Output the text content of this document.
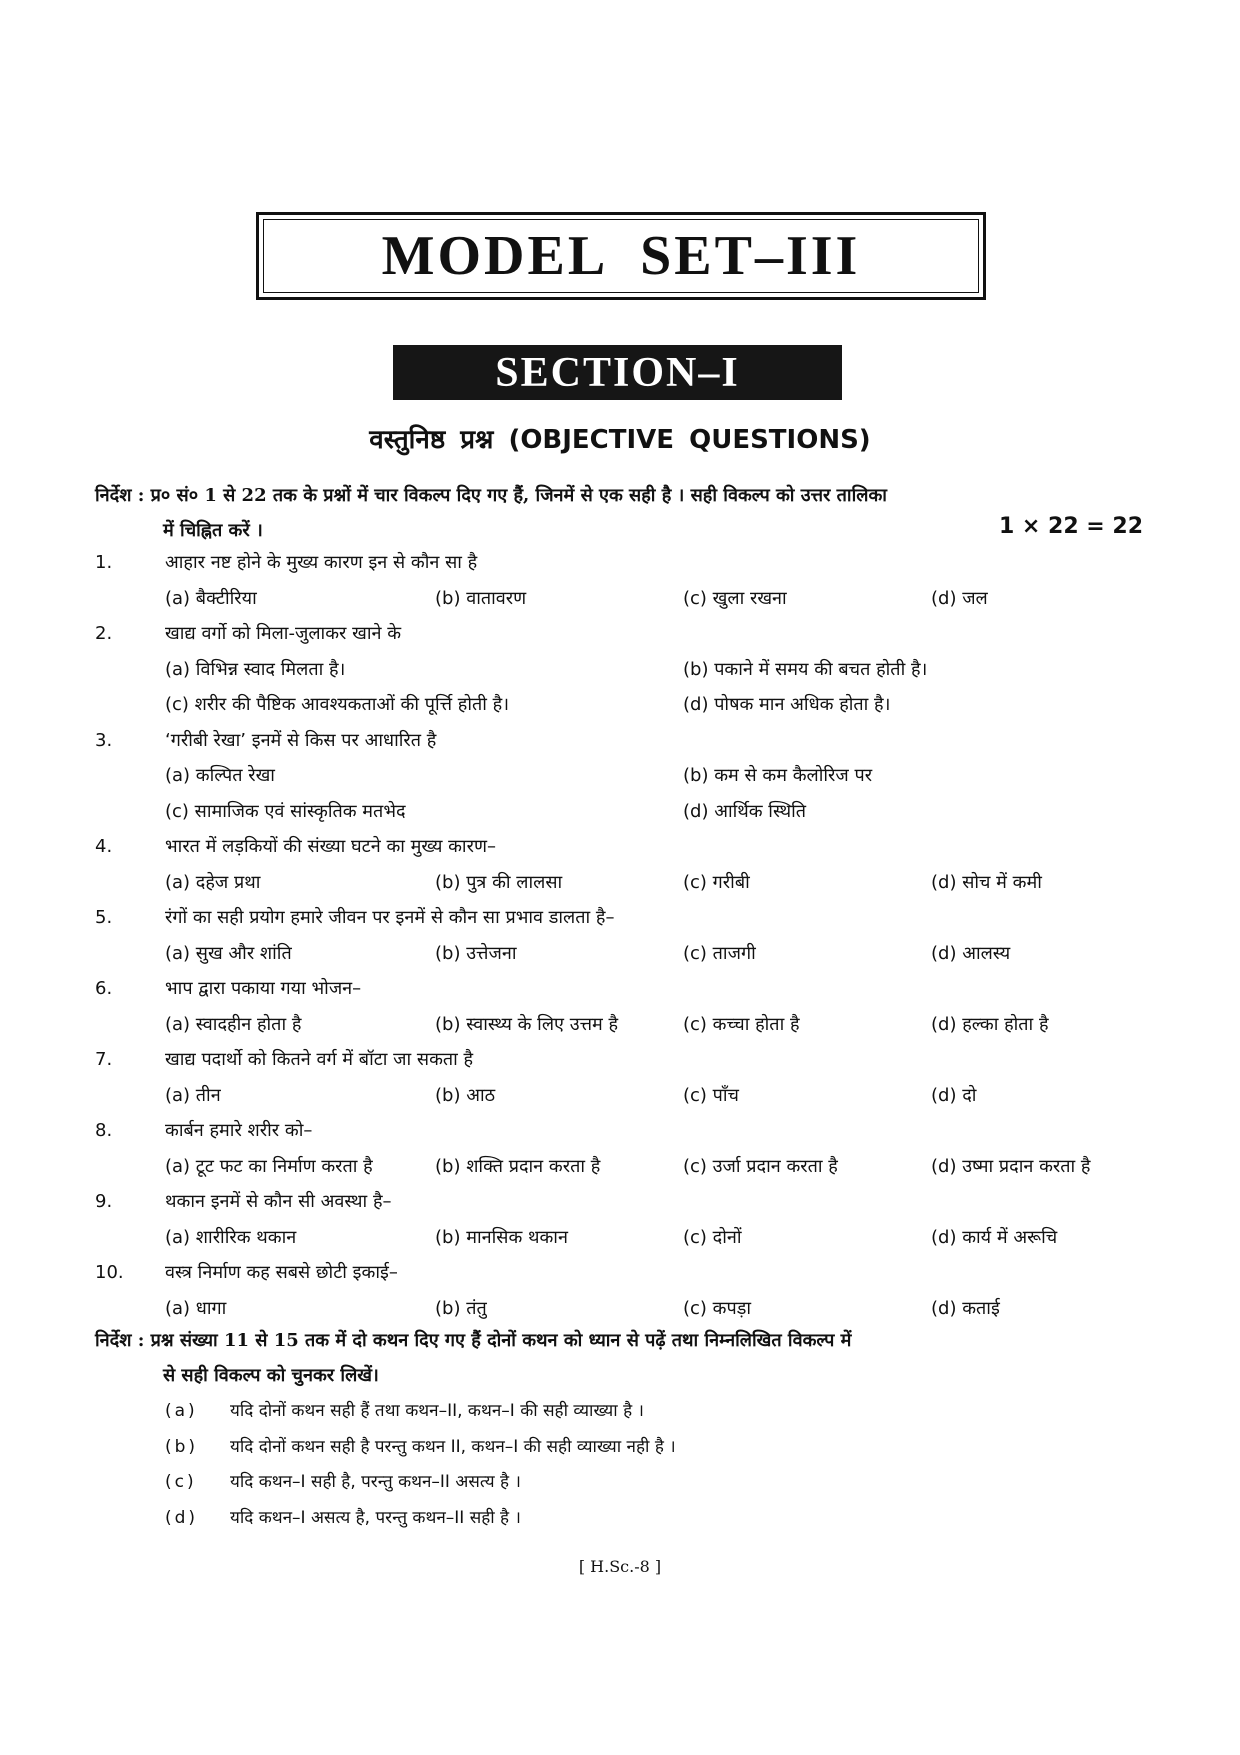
MODEL SET–III
SECTION–I
वस्तुनिष्ठ प्रश्न (OBJECTIVE QUESTIONS)
निर्देश : प्र० सं० 1 से 22 तक के प्रश्नों में चार विकल्प दिए गए हैं, जिनमें से एक सही है । सही विकल्प को उत्तर तालिका
में चिह्नित करें ।	1 × 22 = 22
1.	आहार नष्ट होने के मुख्य कारण इन से कौन सा है
(a) बैक्टीरिया	(b) वातावरण	(c) खुला रखना	(d) जल
2.	खाद्य वर्गो को मिला-जुलाकर खाने के
(a) विभिन्न स्वाद मिलता है।	(b) पकाने में समय की बचत होती है।
(c) शरीर की पैष्टिक आवश्यकताओं की पूर्त्ति होती है।	(d) पोषक मान अधिक होता है।
3.	‘गरीबी रेखा’ इनमें से किस पर आधारित है
(a) कल्पित रेखा	(b) कम से कम कैलोरिज पर
(c) सामाजिक एवं सांस्कृतिक मतभेद	(d) आर्थिक स्थिति
4.	भारत में लड़कियों की संख्या घटने का मुख्य कारण–
(a) दहेज प्रथा	(b) पुत्र की लालसा	(c) गरीबी	(d) सोच में कमी
5.	रंगों का सही प्रयोग हमारे जीवन पर इनमें से कौन सा प्रभाव डालता है–
(a) सुख और शांति	(b) उत्तेजना	(c) ताजगी	(d) आलस्य
6.	भाप द्वारा पकाया गया भोजन–
(a) स्वादहीन होता है	(b) स्वास्थ्य के लिए उत्तम है	(c) कच्चा होता है	(d) हल्का होता है
7.	खाद्य पदार्थो को कितने वर्ग में बॉटा जा सकता है
(a) तीन	(b) आठ	(c) पाँच	(d) दो
8.	कार्बन हमारे शरीर को–
(a) टूट फट का निर्माण करता है	(b) शक्ति प्रदान करता है	(c) उर्जा प्रदान करता है	(d) उष्मा प्रदान करता है
9.	थकान इनमें से कौन सी अवस्था है–
(a) शारीरिक थकान	(b) मानसिक थकान	(c) दोनों	(d) कार्य में अरूचि
10.	वस्त्र निर्माण कह सबसे छोटी इकाई–
(a) धागा	(b) तंतु	(c) कपड़ा	(d) कताई
निर्देश : प्रश्न संख्या 11 से 15 तक में दो कथन दिए गए हैं दोनों कथन को ध्यान से पढ़ें तथा निम्नलिखित विकल्प में
से सही विकल्प को चुनकर लिखें।
(a)	यदि दोनों कथन सही हैं तथा कथन–II, कथन–I की सही व्याख्या है ।
(b)	यदि दोनों कथन सही है परन्तु कथन II, कथन–I की सही व्याख्या नही है ।
(c)	यदि कथन–I सही है, परन्तु कथन–II असत्य है ।
(d)	यदि कथन–I असत्य है, परन्तु कथन–II सही है ।
[ H.Sc.-8 ]
